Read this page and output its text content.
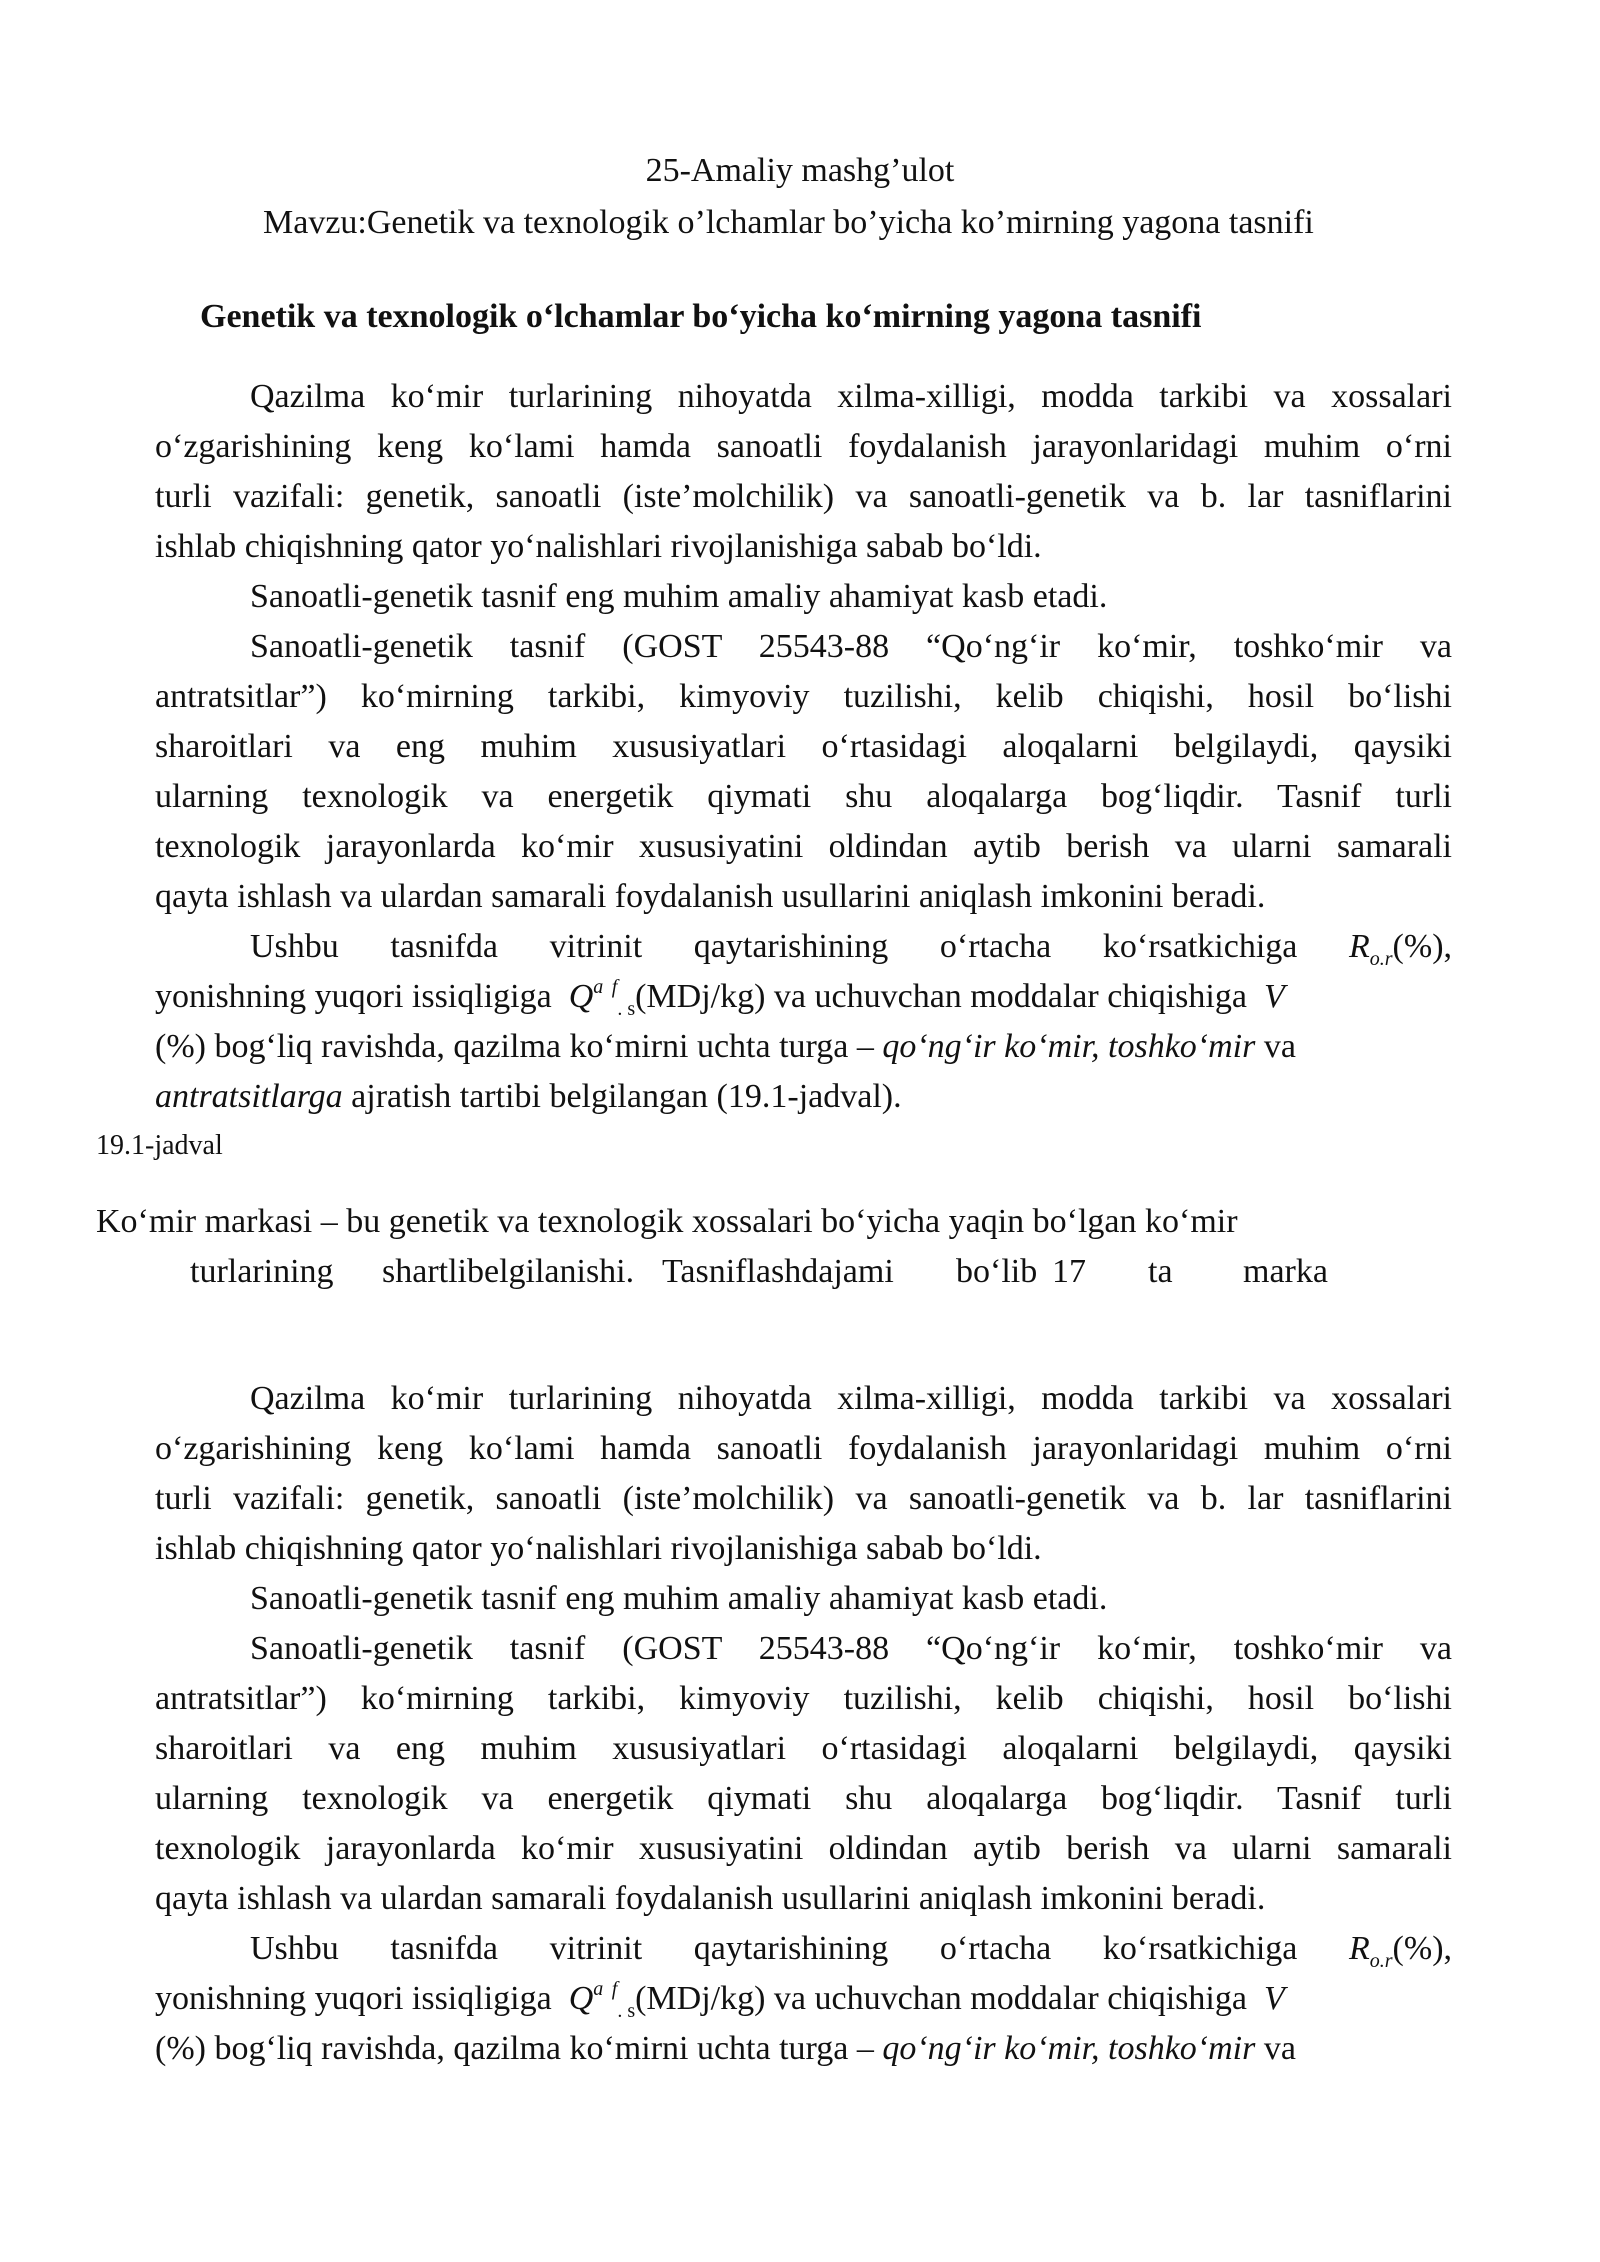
25-Amaliy mashg’ulot
Mavzu:Genetik va texnologik o’lchamlar bo’yicha ko’mirning yagona tasnifi
Genetik va texnologik o‘lchamlar bo‘yicha ko‘mirning yagona tasnifi
Qazilma ko‘mir turlarining nihoyatda xilma-xilligi, modda tarkibi va xossalari
o‘zgarishining keng ko‘lami hamda sanoatli foydalanish jarayonlaridagi muhim o‘rni
turli vazifali: genetik, sanoatli (iste’molchilik) va sanoatli-genetik va b. lar tasniflarini
ishlab chiqishning qator yo‘nalishlari rivojlanishiga sabab bo‘ldi.
Sanoatli-genetik tasnif eng muhim amaliy ahamiyat kasb etadi.
Sanoatli-genetik tasnif (GOST 25543-88 “Qo‘ng‘ir ko‘mir, toshko‘mir va
antratsitlar”) ko‘mirning tarkibi, kimyoviy tuzilishi, kelib chiqishi, hosil bo‘lishi
sharoitlari va eng muhim xususiyatlari o‘rtasidagi aloqalarni belgilaydi, qaysiki
ularning texnologik va energetik qiymati shu aloqalarga bog‘liqdir. Tasnif turli
texnologik jarayonlarda ko‘mir xususiyatini oldindan aytib berish va ularni samarali
qayta ishlash va ulardan samarali foydalanish usullarini aniqlash imkonini beradi.
Ushbu tasnifda vitrinit qaytarishining o‘rtacha ko‘rsatkichiga $R_{o.r}(\%)$,
yonishning yuqori issiqligiga $Q^a$ $^f_{. s}$(MDj/kg) va uchuvchan moddalar chiqishiga V
(%) bog‘liq ravishda, qazilma ko‘mirni uchta turga – qo‘ng‘ir ko‘mir, toshko‘mir va
antratsitlarga ajratish tartibi belgilangan (19.1-jadval).
19.1-jadval
Ko‘mir markasi – bu genetik va texnologik xossalari bo‘yicha yaqin bo‘lgan ko‘mir
turlarining shartlibelgilanishi. Tasniflashdajami bo‘lib 17 ta marka
Qazilma ko‘mir turlarining nihoyatda xilma-xilligi, modda tarkibi va xossalari
o‘zgarishining keng ko‘lami hamda sanoatli foydalanish jarayonlaridagi muhim o‘rni
turli vazifali: genetik, sanoatli (iste’molchilik) va sanoatli-genetik va b. lar tasniflarini
ishlab chiqishning qator yo‘nalishlari rivojlanishiga sabab bo‘ldi.
Sanoatli-genetik tasnif eng muhim amaliy ahamiyat kasb etadi.
Sanoatli-genetik tasnif (GOST 25543-88 “Qo‘ng‘ir ko‘mir, toshko‘mir va
antratsitlar”) ko‘mirning tarkibi, kimyoviy tuzilishi, kelib chiqishi, hosil bo‘lishi
sharoitlari va eng muhim xususiyatlari o‘rtasidagi aloqalarni belgilaydi, qaysiki
ularning texnologik va energetik qiymati shu aloqalarga bog‘liqdir. Tasnif turli
texnologik jarayonlarda ko‘mir xususiyatini oldindan aytib berish va ularni samarali
qayta ishlash va ulardan samarali foydalanish usullarini aniqlash imkonini beradi.
Ushbu tasnifda vitrinit qaytarishining o‘rtacha ko‘rsatkichiga $R_{o.r}(\%)$,
yonishning yuqori issiqligiga $Q^a$ $^f_{. s}$(MDj/kg) va uchuvchan moddalar chiqishiga V
(%) bog‘liq ravishda, qazilma ko‘mirni uchta turga – qo‘ng‘ir ko‘mir, toshko‘mir va
